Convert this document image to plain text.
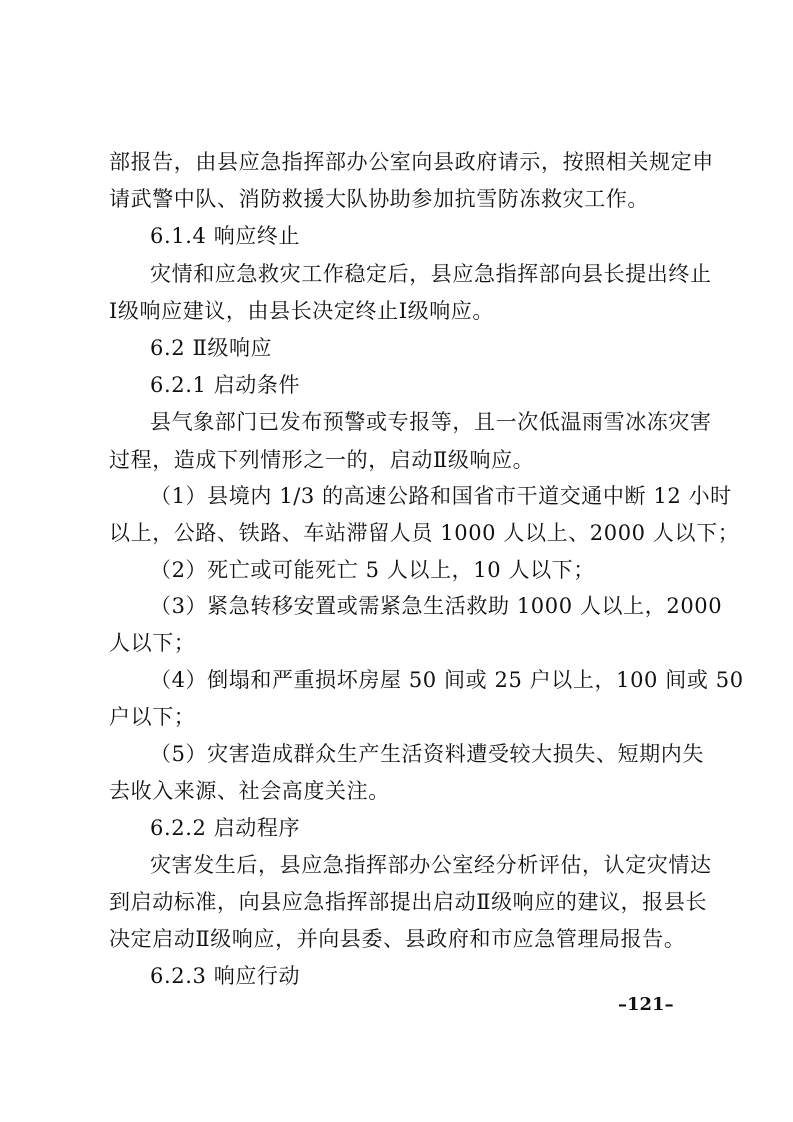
部报告，由县应急指挥部办公室向县政府请示，按照相关规定申
请武警中队、消防救援大队协助参加抗雪防冻救灾工作。
6.1.4 响应终止
灾情和应急救灾工作稳定后，县应急指挥部向县长提出终止
Ⅰ级响应建议，由县长决定终止Ⅰ级响应。
6.2 Ⅱ级响应
6.2.1 启动条件
县气象部门已发布预警或专报等，且一次低温雨雪冰冻灾害
过程，造成下列情形之一的，启动Ⅱ级响应。
（1）县境内 1/3 的高速公路和国省市干道交通中断 12 小时
以上，公路、铁路、车站滞留人员 1000 人以上、2000 人以下；
（2）死亡或可能死亡 5 人以上，10 人以下；
（3）紧急转移安置或需紧急生活救助 1000 人以上，2000
人以下；
（4）倒塌和严重损坏房屋 50 间或 25 户以上，100 间或 50
户以下；
（5）灾害造成群众生产生活资料遭受较大损失、短期内失
去收入来源、社会高度关注。
6.2.2 启动程序
灾害发生后，县应急指挥部办公室经分析评估，认定灾情达
到启动标准，向县应急指挥部提出启动Ⅱ级响应的建议，报县长
决定启动Ⅱ级响应，并向县委、县政府和市应急管理局报告。
6.2.3 响应行动
–121–
